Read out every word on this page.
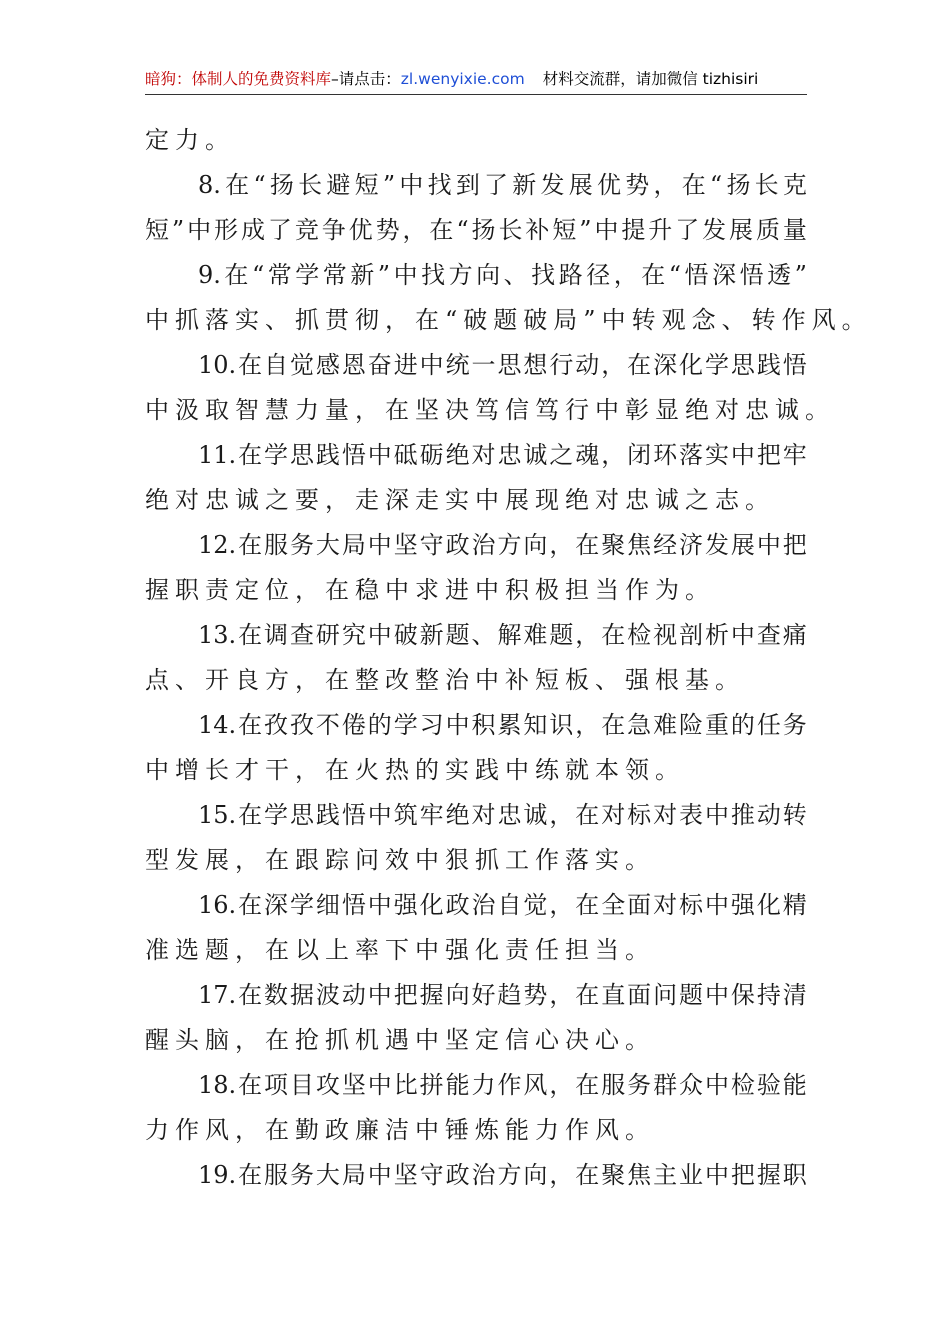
暗狗：体制人的免费资料库–请点击：zl.wenyixie.com 材料交流群，请加微信 tizhisiri
定 力 。
8. 在 “ 扬 长 避 短 ” 中 找 到 了 新 发 展 优 势 ， 在 “ 扬 长 克
短 ” 中 形 成 了 竞 争 优 势 ， 在 “ 扬 长 补 短 ” 中 提 升 了 发 展 质 量
9. 在 “ 常 学 常 新 ” 中 找 方 向 、 找 路 径 ， 在 “ 悟 深 悟 透 ”
中 抓 落 实 、 抓 贯 彻 ， 在 “ 破 题 破 局 ” 中 转 观 念 、 转 作 风 。
10. 在 自 觉 感 恩 奋 进 中 统 一 思 想 行 动 ， 在 深 化 学 思 践 悟
中 汲 取 智 慧 力 量 ， 在 坚 决 笃 信 笃 行 中 彰 显 绝 对 忠 诚 。
11. 在 学 思 践 悟 中 砥 砺 绝 对 忠 诚 之 魂 ， 闭 环 落 实 中 把 牢
绝 对 忠 诚 之 要 ， 走 深 走 实 中 展 现 绝 对 忠 诚 之 志 。
12. 在 服 务 大 局 中 坚 守 政 治 方 向 ， 在 聚 焦 经 济 发 展 中 把
握 职 责 定 位 ， 在 稳 中 求 进 中 积 极 担 当 作 为 。
13. 在 调 查 研 究 中 破 新 题 、 解 难 题 ， 在 检 视 剖 析 中 查 痛
点 、 开 良 方 ， 在 整 改 整 治 中 补 短 板 、 强 根 基 。
14. 在 孜 孜 不 倦 的 学 习 中 积 累 知 识 ， 在 急 难 险 重 的 任 务
中 增 长 才 干 ， 在 火 热 的 实 践 中 练 就 本 领 。
15. 在 学 思 践 悟 中 筑 牢 绝 对 忠 诚 ， 在 对 标 对 表 中 推 动 转
型 发 展 ， 在 跟 踪 问 效 中 狠 抓 工 作 落 实 。
16. 在 深 学 细 悟 中 强 化 政 治 自 觉 ， 在 全 面 对 标 中 强 化 精
准 选 题 ， 在 以 上 率 下 中 强 化 责 任 担 当 。
17. 在 数 据 波 动 中 把 握 向 好 趋 势 ， 在 直 面 问 题 中 保 持 清
醒 头 脑 ， 在 抢 抓 机 遇 中 坚 定 信 心 决 心 。
18. 在 项 目 攻 坚 中 比 拼 能 力 作 风 ， 在 服 务 群 众 中 检 验 能
力 作 风 ， 在 勤 政 廉 洁 中 锤 炼 能 力 作 风 。
19. 在 服 务 大 局 中 坚 守 政 治 方 向 ， 在 聚 焦 主 业 中 把 握 职
